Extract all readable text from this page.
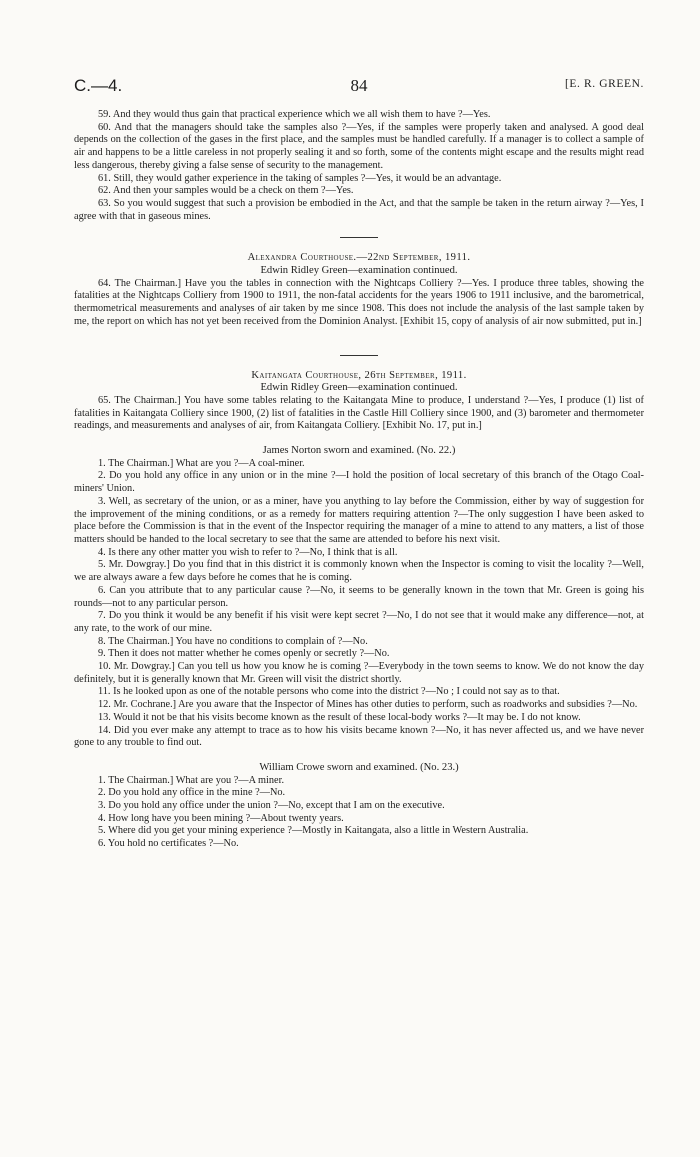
C.—4.	84	[E. R. GREEN.

59. And they would thus gain that practical experience which we all wish them to have ?—Yes.

60. And that the managers should take the samples also ?—Yes, if the samples were properly taken and analysed. A good deal depends on the collection of the gases in the first place, and the samples must be handled carefully. If a manager is to collect a sample of air and happens to be a little careless in not properly sealing it and so forth, some of the contents might escape and the results might read less dangerous, thereby giving a false sense of security to the management.

61. Still, they would gather experience in the taking of samples ?—Yes, it would be an advantage.

62. And then your samples would be a check on them ?—Yes.

63. So you would suggest that such a provision be embodied in the Act, and that the sample be taken in the return airway ?—Yes, I agree with that in gaseous mines.

Alexandra Courthouse.—22nd September, 1911.

Edwin Ridley Green—examination continued.

64. The Chairman.] Have you the tables in connection with the Nightcaps Colliery ?—Yes. I produce three tables, showing the fatalities at the Nightcaps Colliery from 1900 to 1911, the non-fatal accidents for the years 1906 to 1911 inclusive, and the barometrical, thermometrical measurements and analyses of air taken by me since 1908. This does not include the analysis of the last sample taken by me, the report on which has not yet been received from the Dominion Analyst. [Exhibit 15, copy of analysis of air now submitted, put in.]

Kaitangata Courthouse, 26th September, 1911.

Edwin Ridley Green—examination continued.

65. The Chairman.] You have some tables relating to the Kaitangata Mine to produce, I understand ?—Yes, I produce (1) list of fatalities in Kaitangata Colliery since 1900, (2) list of fatalities in the Castle Hill Colliery since 1900, and (3) barometer and thermometer readings, and measurements and analyses of air, from Kaitangata Colliery. [Exhibit No. 17, put in.]

James Norton sworn and examined. (No. 22.)

1. The Chairman.] What are you ?—A coal-miner.

2. Do you hold any office in any union or in the mine ?—I hold the position of local secretary of this branch of the Otago Coal-miners' Union.

3. Well, as secretary of the union, or as a miner, have you anything to lay before the Commission, either by way of suggestion for the improvement of the mining conditions, or as a remedy for matters requiring attention ?—The only suggestion I have been asked to place before the Commission is that in the event of the Inspector requiring the manager of a mine to attend to any matters, a list of those matters should be handed to the local secretary to see that the same are attended to before his next visit.

4. Is there any other matter you wish to refer to ?—No, I think that is all.

5. Mr. Dowgray.] Do you find that in this district it is commonly known when the Inspector is coming to visit the locality ?—Well, we are always aware a few days before he comes that he is coming.

6. Can you attribute that to any particular cause ?—No, it seems to be generally known in the town that Mr. Green is going his rounds—not to any particular person.

7. Do you think it would be any benefit if his visit were kept secret ?—No, I do not see that it would make any difference—not, at any rate, to the work of our mine.

8. The Chairman.] You have no conditions to complain of ?—No.

9. Then it does not matter whether he comes openly or secretly ?—No.

10. Mr. Dowgray.] Can you tell us how you know he is coming ?—Everybody in the town seems to know. We do not know the day definitely, but it is generally known that Mr. Green will visit the district shortly.

11. Is he looked upon as one of the notable persons who come into the district ?—No ; I could not say as to that.

12. Mr. Cochrane.] Are you aware that the Inspector of Mines has other duties to perform, such as roadworks and subsidies ?—No.

13. Would it not be that his visits become known as the result of these local-body works ?—It may be. I do not know.

14. Did you ever make any attempt to trace as to how his visits became known ?—No, it has never affected us, and we have never gone to any trouble to find out.

William Crowe sworn and examined. (No. 23.)

1. The Chairman.] What are you ?—A miner.

2. Do you hold any office in the mine ?—No.

3. Do you hold any office under the union ?—No, except that I am on the executive.

4. How long have you been mining ?—About twenty years.

5. Where did you get your mining experience ?—Mostly in Kaitangata, also a little in Western Australia.

6. You hold no certificates ?—No.
